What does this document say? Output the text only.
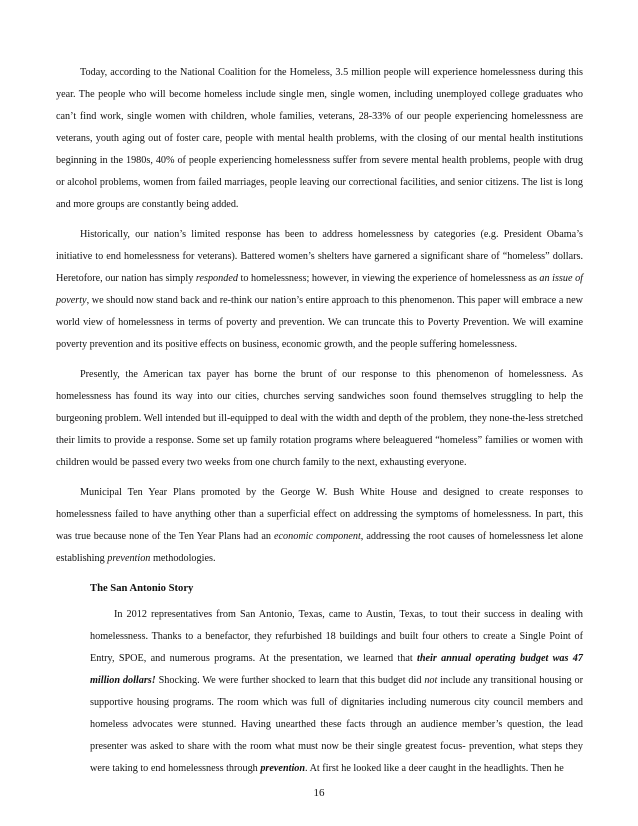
Today, according to the National Coalition for the Homeless, 3.5 million people will experience homelessness during this year. The people who will become homeless include single men, single women, including unemployed college graduates who can’t find work, single women with children, whole families, veterans, 28-33% of our people experiencing homelessness are veterans, youth aging out of foster care, people with mental health problems, with the closing of our mental health institutions beginning in the 1980s, 40% of people experiencing homelessness suffer from severe mental health problems, people with drug or alcohol problems, women from failed marriages, people leaving our correctional facilities, and senior citizens. The list is long and more groups are constantly being added.

Historically, our nation’s limited response has been to address homelessness by categories (e.g. President Obama’s initiative to end homelessness for veterans). Battered women’s shelters have garnered a significant share of “homeless” dollars. Heretofore, our nation has simply responded to homelessness; however, in viewing the experience of homelessness as an issue of poverty, we should now stand back and re-think our nation’s entire approach to this phenomenon. This paper will embrace a new world view of homelessness in terms of poverty and prevention. We can truncate this to Poverty Prevention. We will examine poverty prevention and its positive effects on business, economic growth, and the people suffering homelessness.

Presently, the American tax payer has borne the brunt of our response to this phenomenon of homelessness. As homelessness has found its way into our cities, churches serving sandwiches soon found themselves struggling to help the burgeoning problem. Well intended but ill-equipped to deal with the width and depth of the problem, they none-the-less stretched their limits to provide a response. Some set up family rotation programs where beleaguered “homeless” families or women with children would be passed every two weeks from one church family to the next, exhausting everyone.

Municipal Ten Year Plans promoted by the George W. Bush White House and designed to create responses to homelessness failed to have anything other than a superficial effect on addressing the symptoms of homelessness. In part, this was true because none of the Ten Year Plans had an economic component, addressing the root causes of homelessness let alone establishing prevention methodologies.

The San Antonio Story

In 2012 representatives from San Antonio, Texas, came to Austin, Texas, to tout their success in dealing with homelessness. Thanks to a benefactor, they refurbished 18 buildings and built four others to create a Single Point of Entry, SPOE, and numerous programs. At the presentation, we learned that their annual operating budget was 47 million dollars! Shocking. We were further shocked to learn that this budget did not include any transitional housing or supportive housing programs. The room which was full of dignitaries including numerous city council members and homeless advocates were stunned. Having unearthed these facts through an audience member’s question, the lead presenter was asked to share with the room what must now be their single greatest focus- prevention, what steps they were taking to end homelessness through prevention. At first he looked like a deer caught in the headlights. Then he

16
